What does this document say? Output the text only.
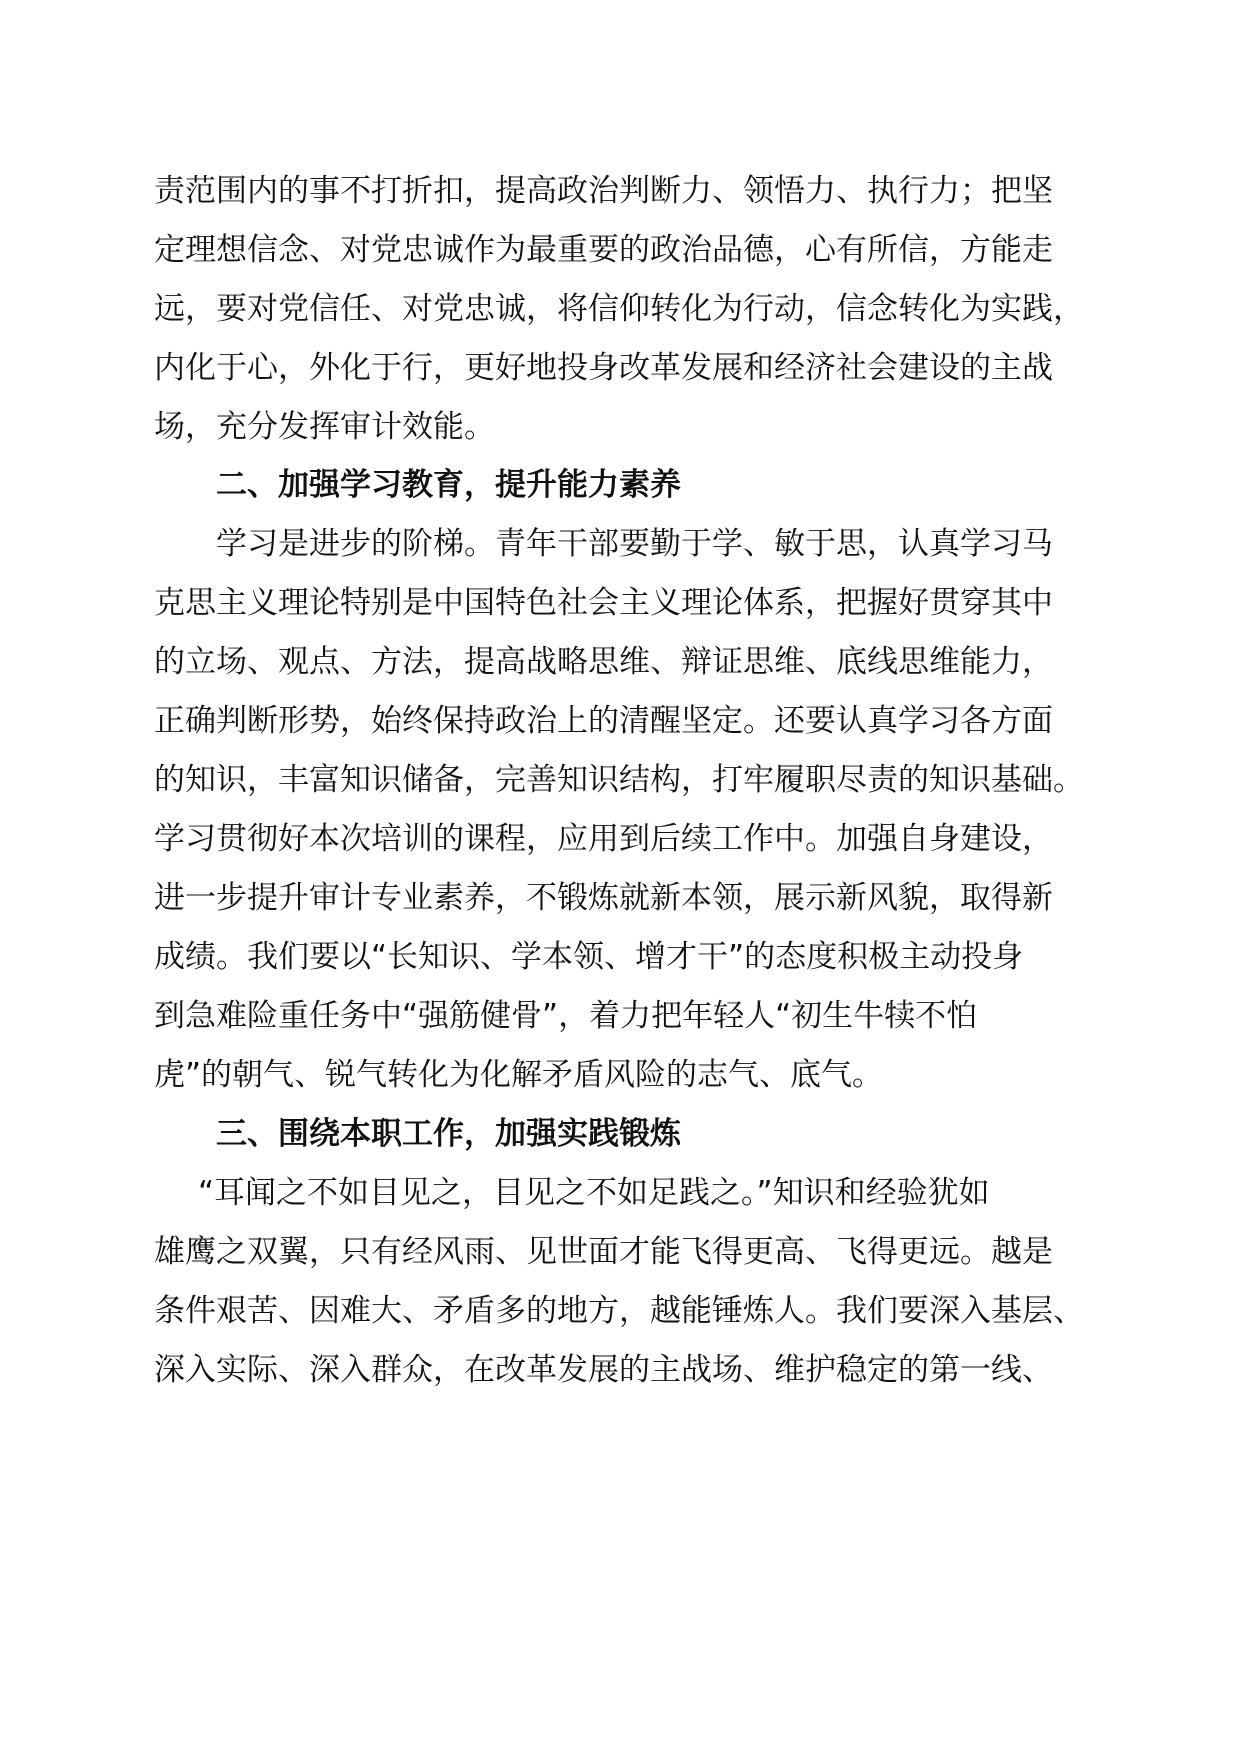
责范围内的事不打折扣，提高政治判断力、领悟力、执行力；把坚
定理想信念、对党忠诚作为最重要的政治品德，心有所信，方能走
远，要对党信任、对党忠诚，将信仰转化为行动，信念转化为实践，
内化于心，外化于行，更好地投身改革发展和经济社会建设的主战
场，充分发挥审计效能。
二、加强学习教育，提升能力素养
学习是进步的阶梯。青年干部要勤于学、敏于思，认真学习马
克思主义理论特别是中国特色社会主义理论体系，把握好贯穿其中
的立场、观点、方法，提高战略思维、辩证思维、底线思维能力，
正确判断形势，始终保持政治上的清醒坚定。还要认真学习各方面
的知识，丰富知识储备，完善知识结构，打牢履职尽责的知识基础。
学习贯彻好本次培训的课程，应用到后续工作中。加强自身建设，
进一步提升审计专业素养，不锻炼就新本领，展示新风貌，取得新
成绩。我们要以“长知识、学本领、增才干”的态度积极主动投身
到急难险重任务中“强筋健骨”，着力把年轻人“初生牛犊不怕
虎”的朝气、锐气转化为化解矛盾风险的志气、底气。
三、围绕本职工作，加强实践锻炼
“耳闻之不如目见之，目见之不如足践之。”知识和经验犹如
雄鹰之双翼，只有经风雨、见世面才能飞得更高、飞得更远。越是
条件艰苦、因难大、矛盾多的地方，越能锤炼人。我们要深入基层、
深入实际、深入群众，在改革发展的主战场、维护稳定的第一线、
